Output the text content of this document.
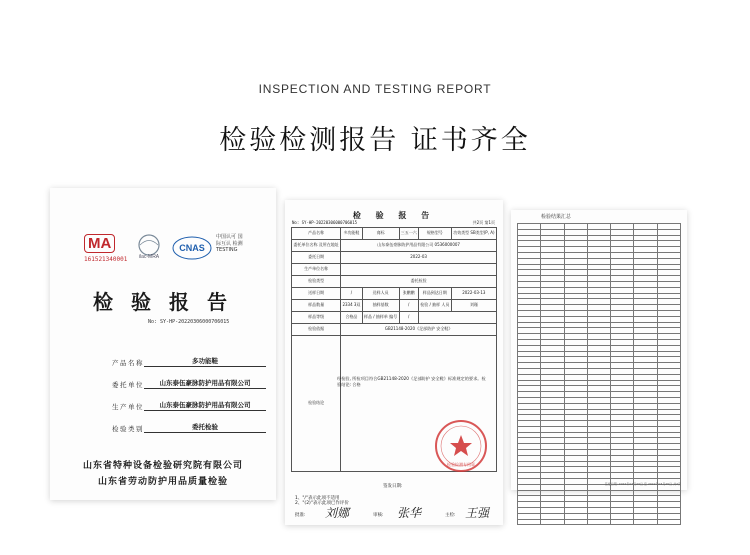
INSPECTION AND TESTING REPORT
检验检测报告 证书齐全
MA
161521340001 ilac-MRA
CNAS
中国认可 国际互认 检测 TESTING
检验报告
No: SY-HP-20220306000706015
产品名称	多功能鞋
委托单位	山东泰伍豪脉防护用品有限公司
生产单位	山东泰伍豪脉防护用品有限公司
检验类别	委托检验
山东省特种设备检验研究院有限公司
山东省劳动防护用品质量检验
检 验 报 告
No: SY-HP-20220306000706015	共2页 第1页
产品名称	多功能鞋	商标	三五一六	规格型号	功效类型 SB类型(P, A)
委托单位名称 及所在地址	山东泰伍豪脉防护用品有限公司 0536000007				
委托日期	2022-03				
生产单位名称					
检验类型	委托检验				
送样日期	/	送样人员	张鹏鹏	样品到达日期	2022-03-13
样品数量	2334 3双	抽样基数	/	检验 / 抽样 人员	刘瑾
样品等级	合格品	样品 / 抽样单 编号	/		
检验依据	GB21148-2020《足部防护 安全鞋》				
检验结论					
经检验, 所检项目符合GB21148-2020《足部防护 安全鞋》标准规定的要求。检验结论: 合格
签发日期:
检验检测专用章
1、"/"表示此项不适用
2、"(2)"表示此项已作评价
批准: 刘娜	审核: 张华	主检: 王强
检验结果汇总

签发日期: 2022年03月23日 至 2022年03月25日 共2页
